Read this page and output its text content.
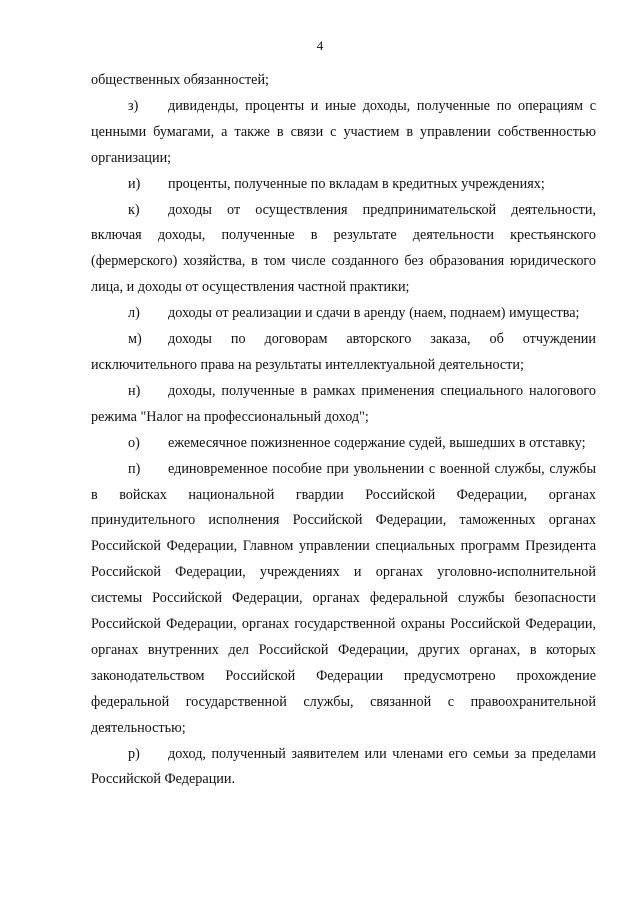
4

общественных обязанностей;

з) дивиденды, проценты и иные доходы, полученные по операциям с ценными бумагами, а также в связи с участием в управлении собственностью организации;

и) проценты, полученные по вкладам в кредитных учреждениях;

к) доходы от осуществления предпринимательской деятельности, включая доходы, полученные в результате деятельности крестьянского (фермерского) хозяйства, в том числе созданного без образования юридического лица, и доходы от осуществления частной практики;

л) доходы от реализации и сдачи в аренду (наем, поднаем) имущества;

м) доходы по договорам авторского заказа, об отчуждении исключительного права на результаты интеллектуальной деятельности;

н) доходы, полученные в рамках применения специального налогового режима "Налог на профессиональный доход";

о) ежемесячное пожизненное содержание судей, вышедших в отставку;

п) единовременное пособие при увольнении с военной службы, службы в войсках национальной гвардии Российской Федерации, органах принудительного исполнения Российской Федерации, таможенных органах Российской Федерации, Главном управлении специальных программ Президента Российской Федерации, учреждениях и органах уголовно-исполнительной системы Российской Федерации, органах федеральной службы безопасности Российской Федерации, органах государственной охраны Российской Федерации, органах внутренних дел Российской Федерации, других органах, в которых законодательством Российской Федерации предусмотрено прохождение федеральной государственной службы, связанной с правоохранительной деятельностью;

р) доход, полученный заявителем или членами его семьи за пределами Российской Федерации.
